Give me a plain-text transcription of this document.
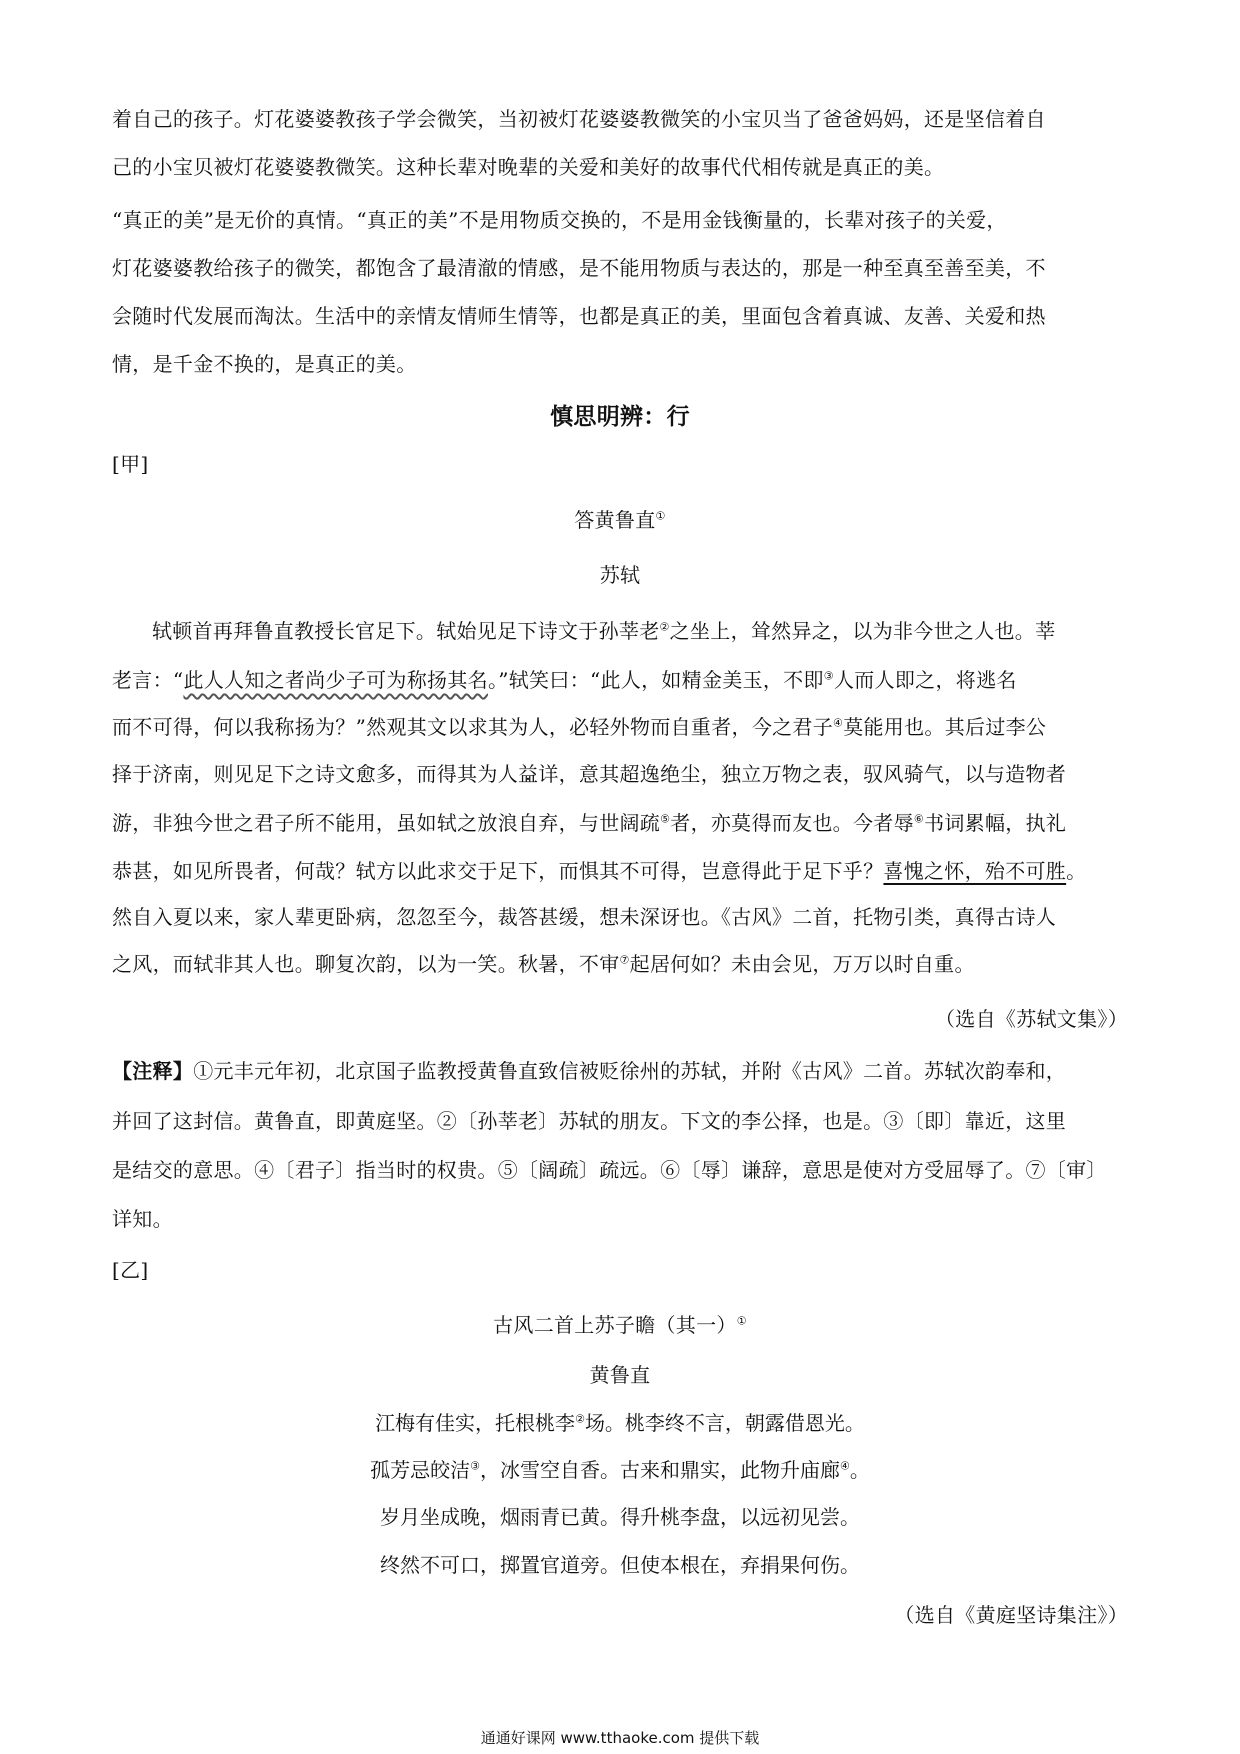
着自己的孩子。灯花婆婆教孩子学会微笑，当初被灯花婆婆教微笑的小宝贝当了爸爸妈妈，还是坚信着自
己的小宝贝被灯花婆婆教微笑。这种长辈对晚辈的关爱和美好的故事代代相传就是真正的美。
“真正的美”是无价的真情。“真正的美”不是用物质交换的，不是用金钱衡量的，长辈对孩子的关爱，
灯花婆婆教给孩子的微笑，都饱含了最清澈的情感，是不能用物质与表达的，那是一种至真至善至美，不
会随时代发展而淘汰。生活中的亲情友情师生情等，也都是真正的美，里面包含着真诚、友善、关爱和热
情，是千金不换的，是真正的美。
慎思明辨：行
[甲]
答黄鲁直①
苏轼
轼顿首再拜鲁直教授长官足下。轼始见足下诗文于孙莘老②之坐上，耸然异之，以为非今世之人也。莘
老言：“此人人知之者尚少子可为称扬其名。”轼笑曰：“此人，如精金美玉，不即③人而人即之，将逃名
而不可得，何以我称扬为？”然观其文以求其为人，必轻外物而自重者，今之君子④莫能用也。其后过李公
择于济南，则见足下之诗文愈多，而得其为人益详，意其超逸绝尘，独立万物之表，驭风骑气，以与造物者
游，非独今世之君子所不能用，虽如轼之放浪自弃，与世阔疏⑤者，亦莫得而友也。今者辱⑥书词累幅，执礼
恭甚，如见所畏者，何哉？轼方以此求交于足下，而惧其不可得，岂意得此于足下乎？喜愧之怀，殆不可胜。
然自入夏以来，家人辈更卧病，忽忽至今，裁答甚缓，想未深讶也。《古风》二首，托物引类，真得古诗人
之风，而轼非其人也。聊复次韵，以为一笑。秋暑，不审⑦起居何如？未由会见，万万以时自重。
（选自《苏轼文集》）
【注释】①元丰元年初，北京国子监教授黄鲁直致信被贬徐州的苏轼，并附《古风》二首。苏轼次韵奉和，
并回了这封信。黄鲁直，即黄庭坚。②〔孙莘老〕苏轼的朋友。下文的李公择，也是。③〔即〕靠近，这里
是结交的意思。④〔君子〕指当时的权贵。⑤〔阔疏〕疏远。⑥〔辱〕谦辞，意思是使对方受屈辱了。⑦〔审〕
详知。
[乙]
古风二首上苏子瞻（其一）①
黄鲁直
江梅有佳实，托根桃李②场。桃李终不言，朝露借恩光。
孤芳忌皎洁③，冰雪空自香。古来和鼎实，此物升庙廊④。
岁月坐成晚，烟雨青已黄。得升桃李盘，以远初见尝。
终然不可口，掷置官道旁。但使本根在，弃捐果何伤。
（选自《黄庭坚诗集注》）
通通好课网 www.tthaoke.com 提供下载
